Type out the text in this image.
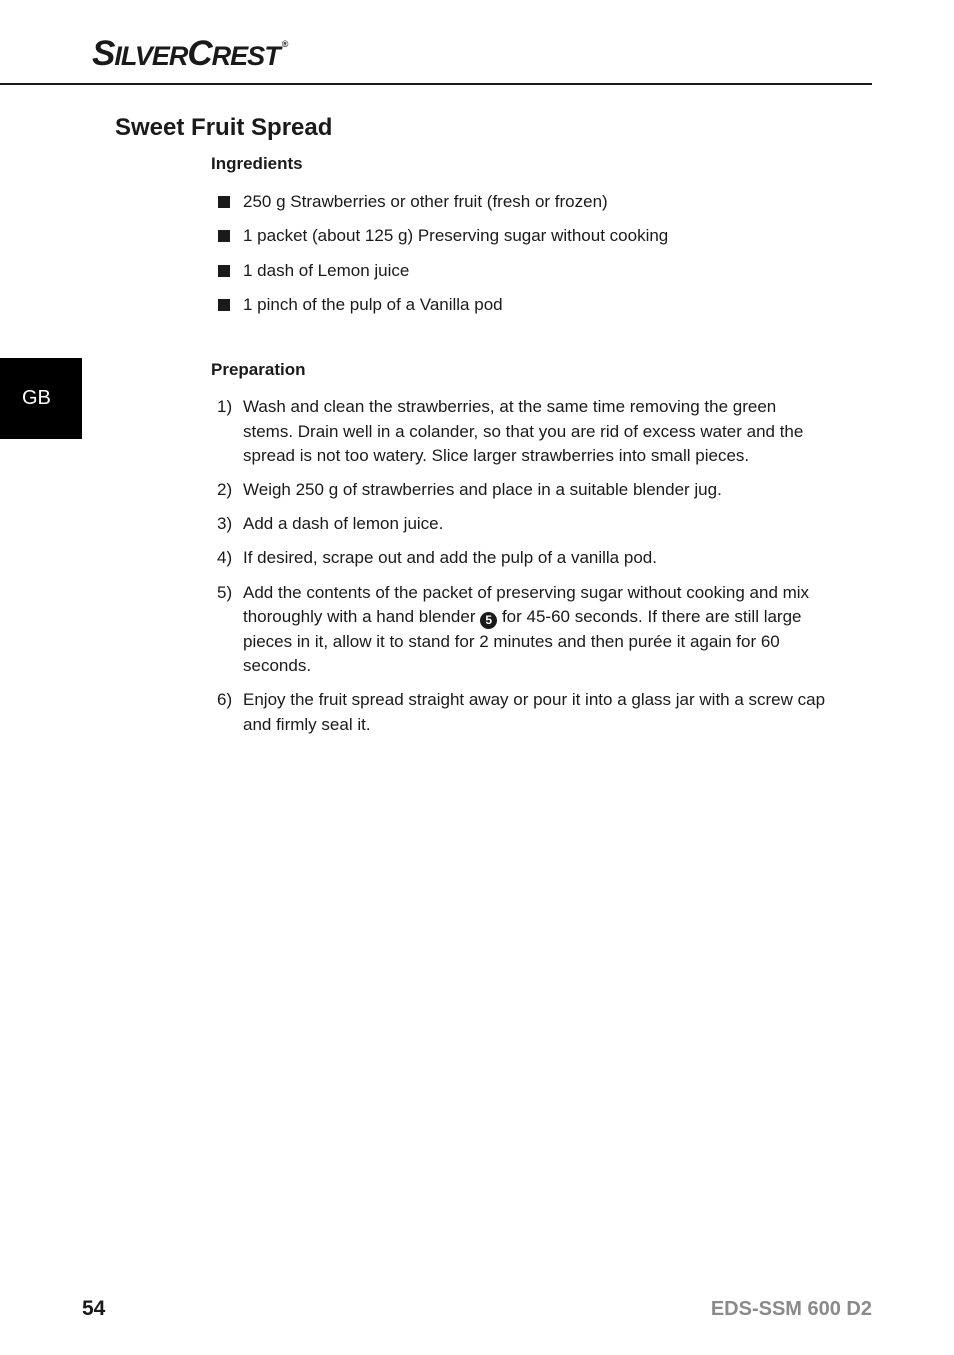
SILVERCREST ®
Sweet Fruit Spread
GB
Ingredients
250 g Strawberries or other fruit (fresh or frozen)
1 packet (about 125 g) Preserving sugar without cooking
1 dash of Lemon juice
1 pinch of the pulp of a Vanilla pod
Preparation
1) Wash and clean the strawberries, at the same time removing the green stems. Drain well in a colander, so that you are rid of excess water and the spread is not too watery. Slice larger strawberries into small pieces.
2) Weigh 250 g of strawberries and place in a suitable blender jug.
3) Add a dash of lemon juice.
4) If desired, scrape out and add the pulp of a vanilla pod.
5) Add the contents of the packet of preserving sugar without cooking and mix thoroughly with a hand blender 5 for 45-60 seconds. If there are still large pieces in it, allow it to stand for 2 minutes and then purée it again for 60 seconds.
6) Enjoy the fruit spread straight away or pour it into a glass jar with a screw cap and firmly seal it.
54	EDS-SSM 600 D2
